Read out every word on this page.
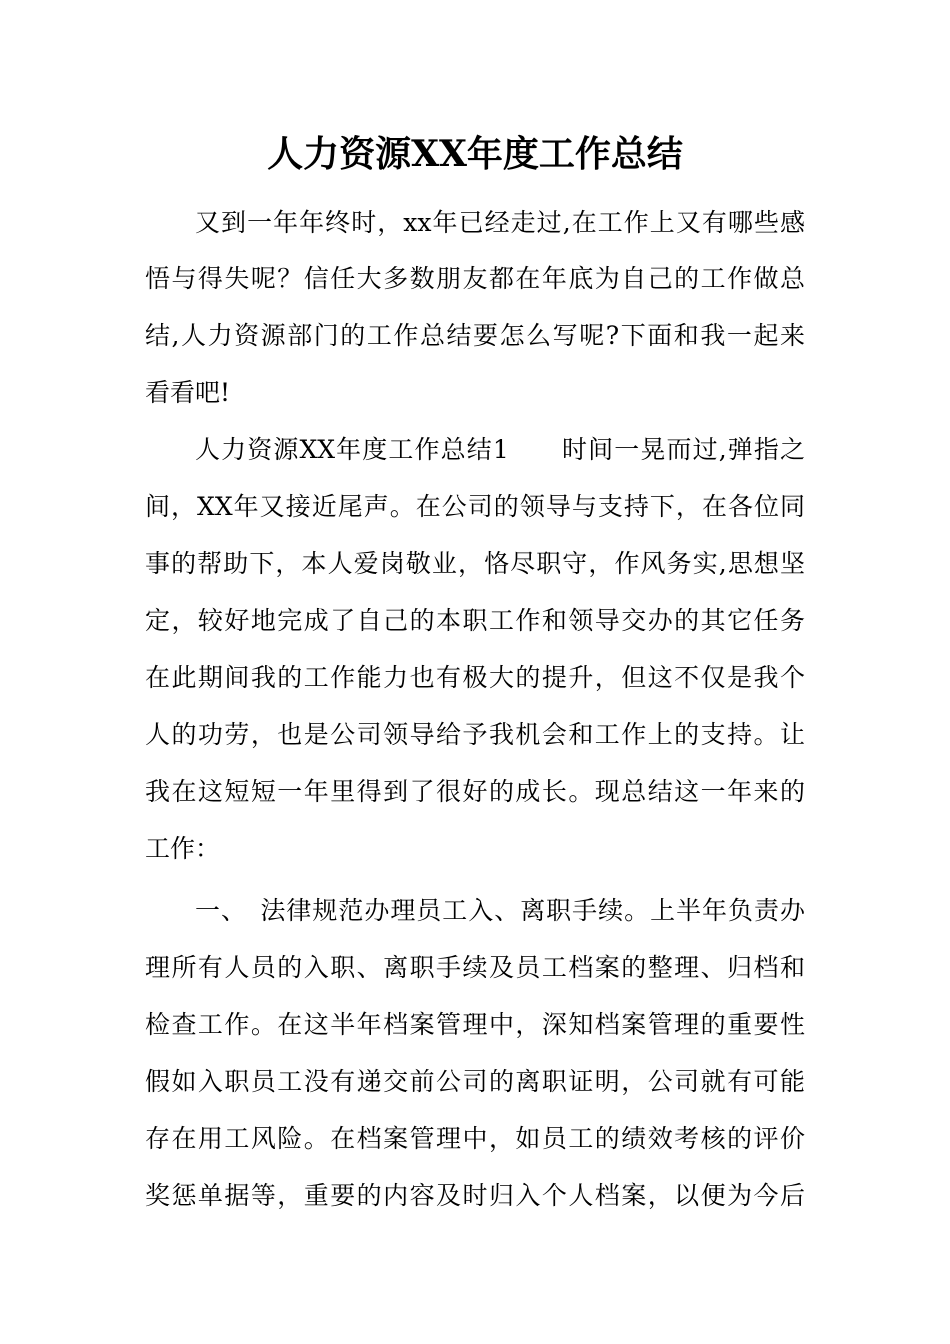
人力资源XX年度工作总结
又到一年年终时，xx年已经走过,在工作上又有哪些感
悟与得失呢？信任大多数朋友都在年底为自己的工作做总
结,人力资源部门的工作总结要怎么写呢?下面和我一起来
看看吧!
人力资源XX年度工作总结1　　时间一晃而过,弹指之
间，XX年又接近尾声。在公司的领导与支持下，在各位同
事的帮助下，本人爱岗敬业，恪尽职守，作风务实,思想坚
定，较好地完成了自己的本职工作和领导交办的其它任务
在此期间我的工作能力也有极大的提升，但这不仅是我个
人的功劳，也是公司领导给予我机会和工作上的支持。让
我在这短短一年里得到了很好的成长。现总结这一年来的
工作：
一、　法律规范办理员工入、离职手续。上半年负责办
理所有人员的入职、离职手续及员工档案的整理、归档和
检查工作。在这半年档案管理中，深知档案管理的重要性
假如入职员工没有递交前公司的离职证明，公司就有可能
存在用工风险。在档案管理中，如员工的绩效考核的评价
奖惩单据等，重要的内容及时归入个人档案，以便为今后
